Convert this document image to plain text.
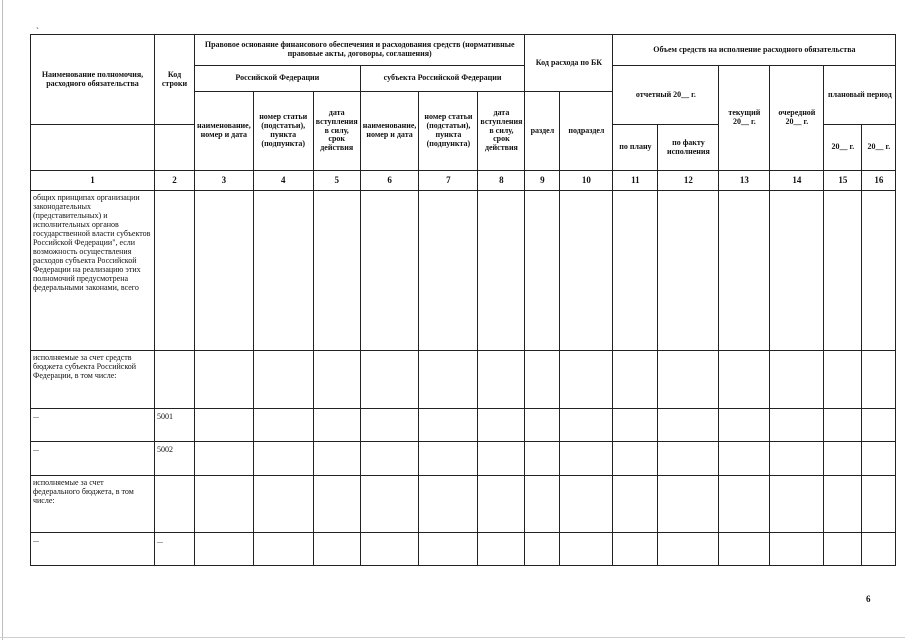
ˎ
Наименование полномочия, расходного обязательства	Код строки	Правовое основание финансового обеспечения и расходования средств (нормативные правовые акты, договоры, соглашения)						Код расхода по БК		Объем средств на исполнение расходного обязательства					
		Российской Федерации			субъекта Российской Федерации					отчетный 20__ г.		текущий 20__ г.	очередной 20__ г.	плановый период	
		наименование, номер и дата	номер статьи (подстатьи), пункта (подпункта)	дата вступления в силу, срок действия	наименование, номер и дата	номер статьи (подстатьи), пункта (подпункта)	дата вступления в силу, срок действия	раздел	подраздел						
										по плану	по факту исполнения			20__ г.	20__ г.
1	2	3	4	5	6	7	8	9	10	11	12	13	14	15	16
общих принципах организации законодательных (представительных) и исполнительных органов государственной власти субъектов Российской Федерации", если возможность осуществления расходов субъекта Российской Федерации на реализацию этих полномочий предусмотрена федеральными законами, всего															
исполняемые за счет средств бюджета субъекта Российской Федерации, в том числе:															
...	5001														
...	5002														
исполняемые за счет федерального бюджета, в том числе:															
...	...														
6
